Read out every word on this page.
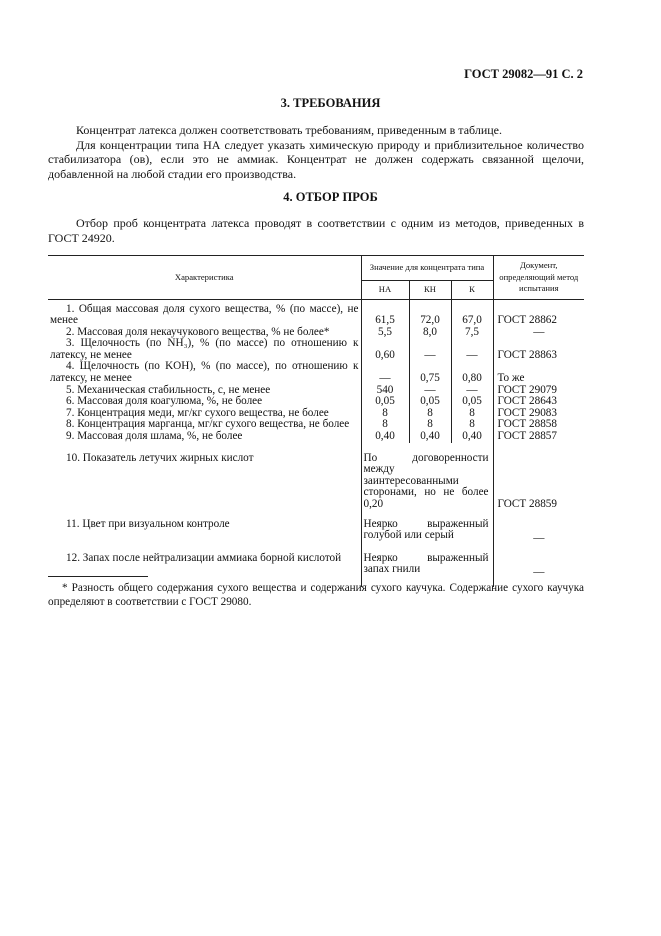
ГОСТ 29082—91 С. 2
3. ТРЕБОВАНИЯ

Концентрат латекса должен соответствовать требованиям, приведенным в таблице.

Для концентрации типа НА следует указать химическую природу и приблизительное количество стабилизатора (ов), если это не аммиак. Концентрат не должен содержать связанной щелочи, добавленной на любой стадии его производства.

4. ОТБОР ПРОБ

Отбор проб концентрата латекса проводят в соответствии с одним из методов, приведенных в ГОСТ 24920.

Характеристика	Значение для концентрата типа			Документ, определяющий метод испытания
	НА	КН	К	

1. Общая массовая доля сухого вещества, % (по массе), не				
менее	61,5	72,0	67,0	ГОСТ 28862
2. Массовая доля некаучукового вещества, % не более*	5,5	8,0	7,5	—
3. Щелочность (по NH₃), % (по массе) по отношению к				
латексу, не менее	0,60	—	—	ГОСТ 28863
4. Щелочность (по KOH), % (по массе), по отношению к				
латексу, не менее	—	0,75	0,80	То же
5. Механическая стабильность, с, не менее	540	—	—	ГОСТ 29079
6. Массовая доля коагулюма, %, не более	0,05	0,05	0,05	ГОСТ 28643
7. Концентрация меди, мг/кг сухого вещества, не более	8	8	8	ГОСТ 29083
8. Концентрация марганца, мг/кг сухого вещества, не более	8	8	8	ГОСТ 28858
9. Массовая доля шлама, %, не более	0,40	0,40	0,40	ГОСТ 28857

10. Показатель летучих жирных кислот	По договоренности между заинтересованными сторонами, но не более 0,20			ГОСТ 28859

11. Цвет при визуальном контроле	Неярко выраженный голубой или серый			—

12. Запах после нейтрализации аммиака борной кислотой	Неярко выраженный запах гнили			—

* Разность общего содержания сухого вещества и содержания сухого каучука. Содержание сухого каучука определяют в соответствии с ГОСТ 29080.
